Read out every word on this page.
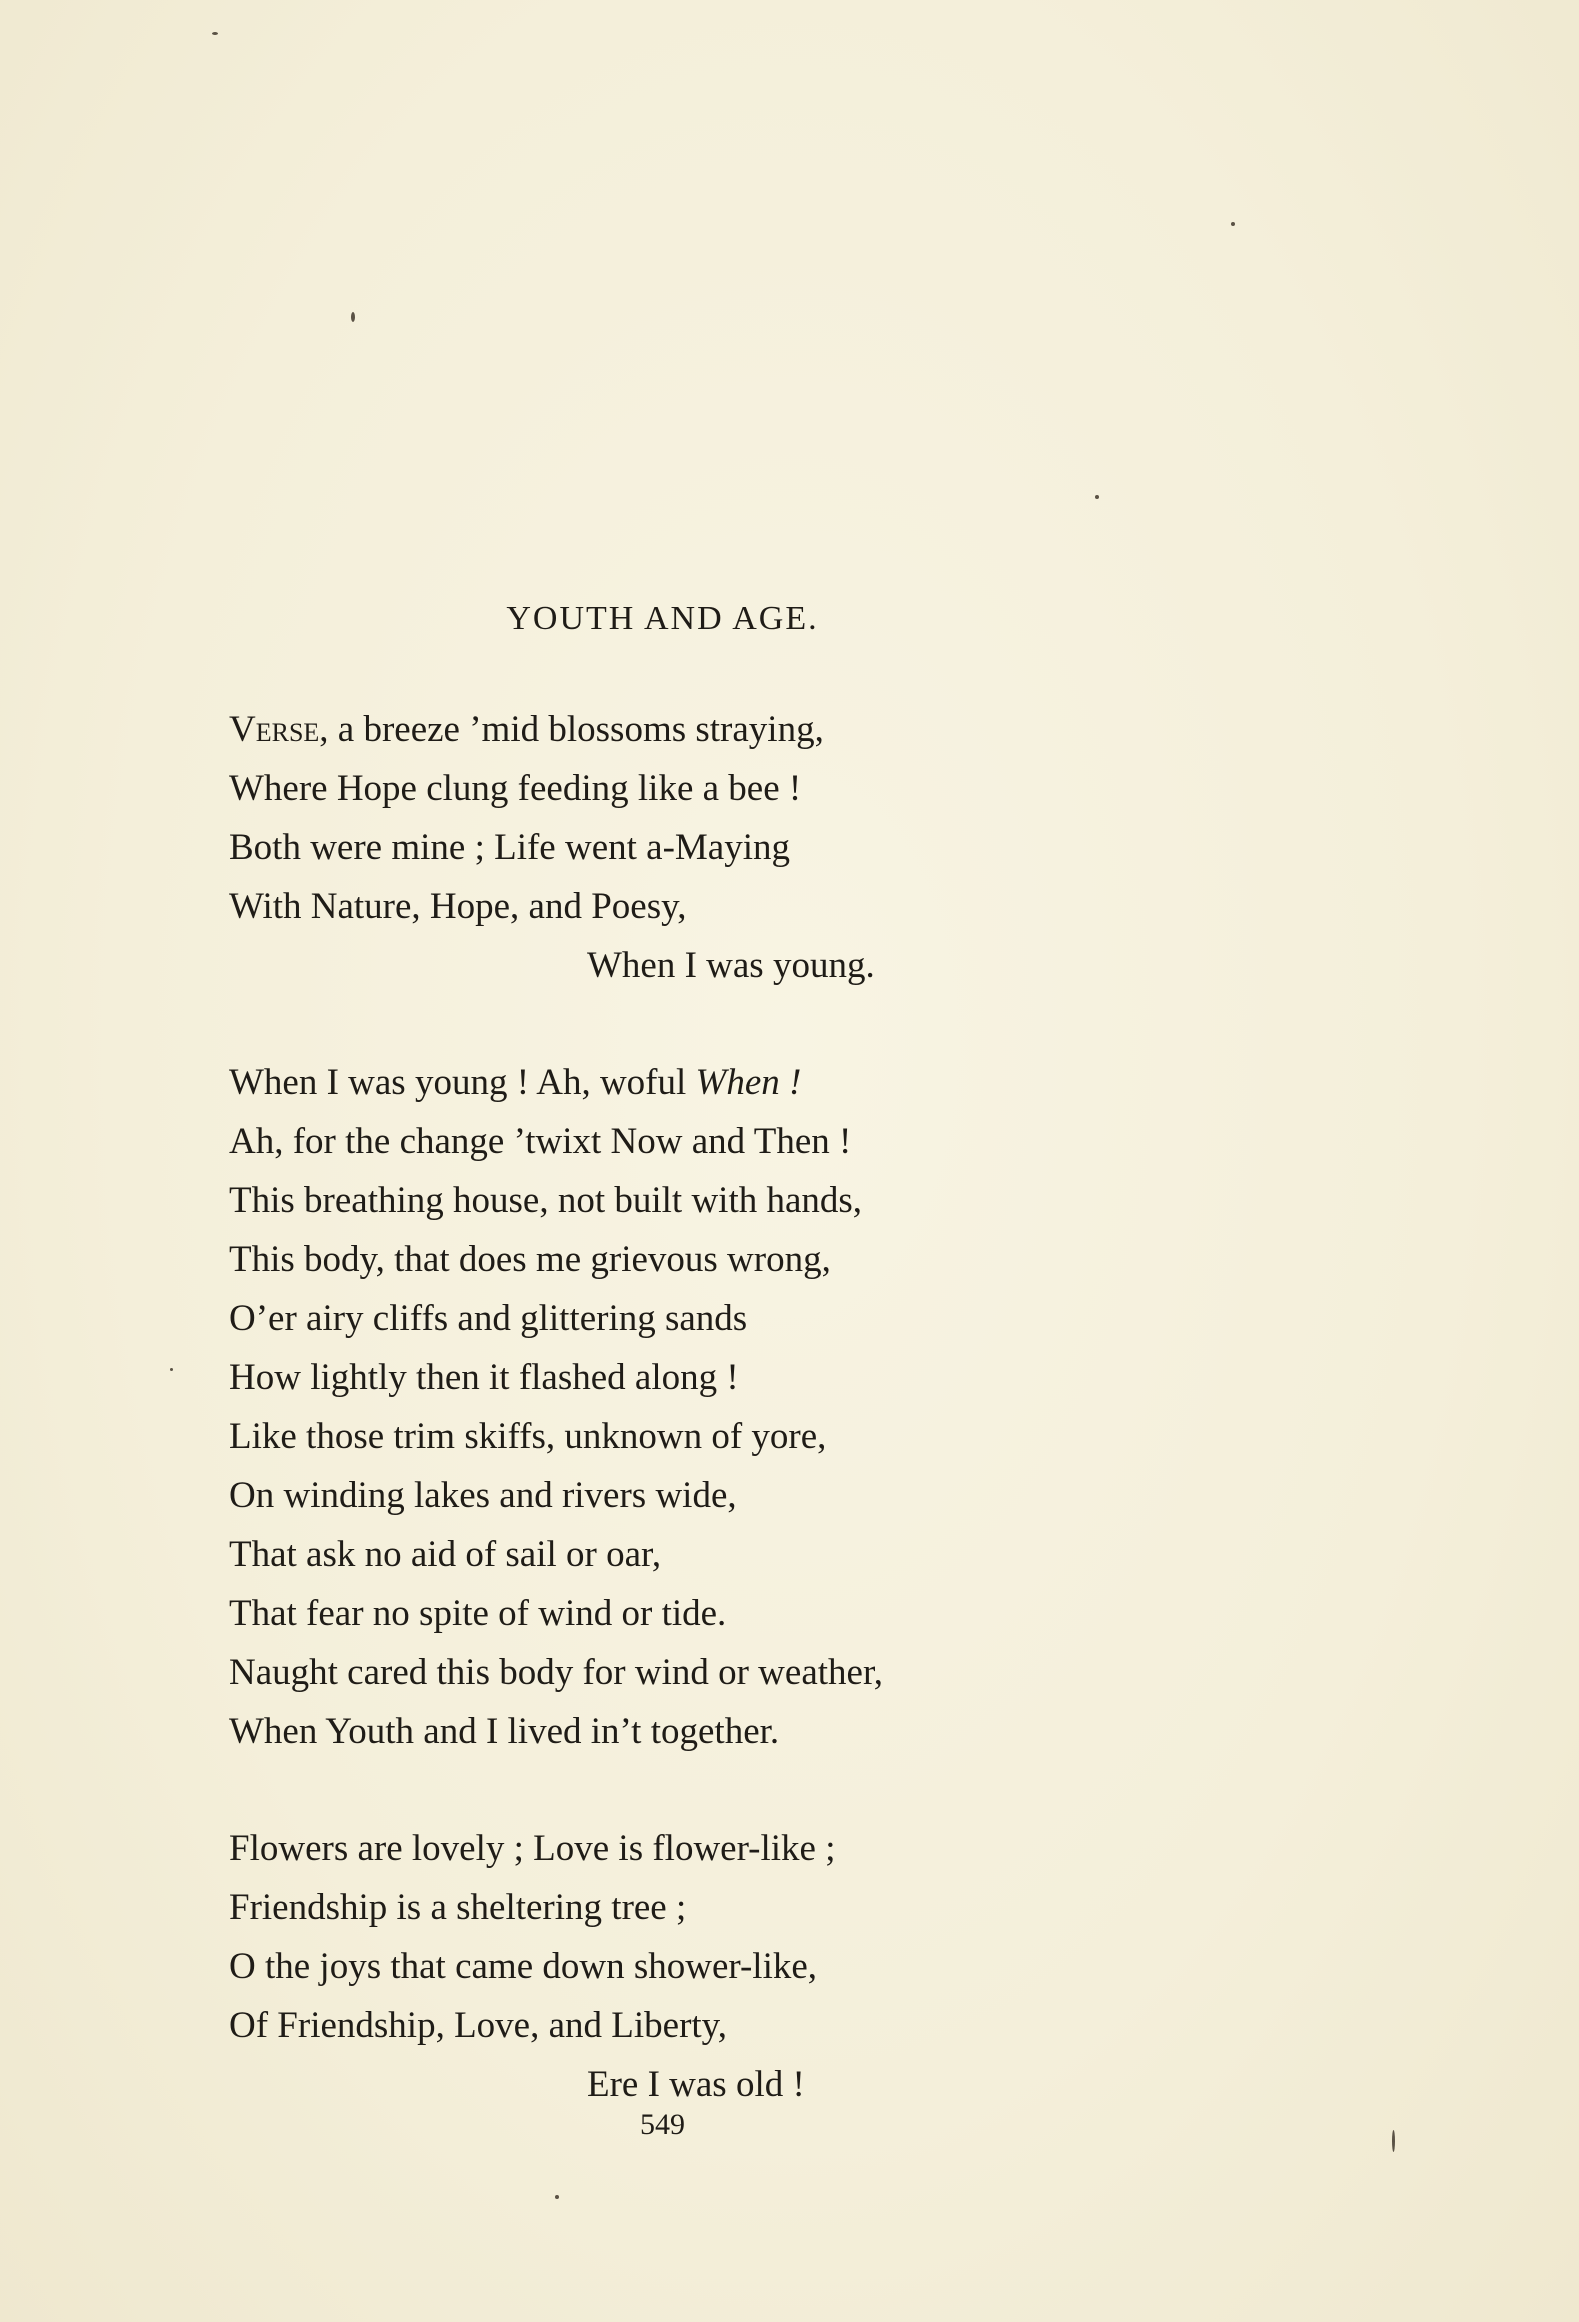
YOUTH AND AGE.
Verse, a breeze ’mid blossoms straying,
Where Hope clung feeding like a bee !
Both were mine ; Life went a-Maying
With Nature, Hope, and Poesy,
When I was young.
When I was young ! Ah, woful When !
Ah, for the change ’twixt Now and Then !
This breathing house, not built with hands,
This body, that does me grievous wrong,
O’er airy cliffs and glittering sands
How lightly then it flashed along !
Like those trim skiffs, unknown of yore,
On winding lakes and rivers wide,
That ask no aid of sail or oar,
That fear no spite of wind or tide.
Naught cared this body for wind or weather,
When Youth and I lived in’t together.
Flowers are lovely ; Love is flower-like ;
Friendship is a sheltering tree ;
O the joys that came down shower-like,
Of Friendship, Love, and Liberty,
Ere I was old !
549
